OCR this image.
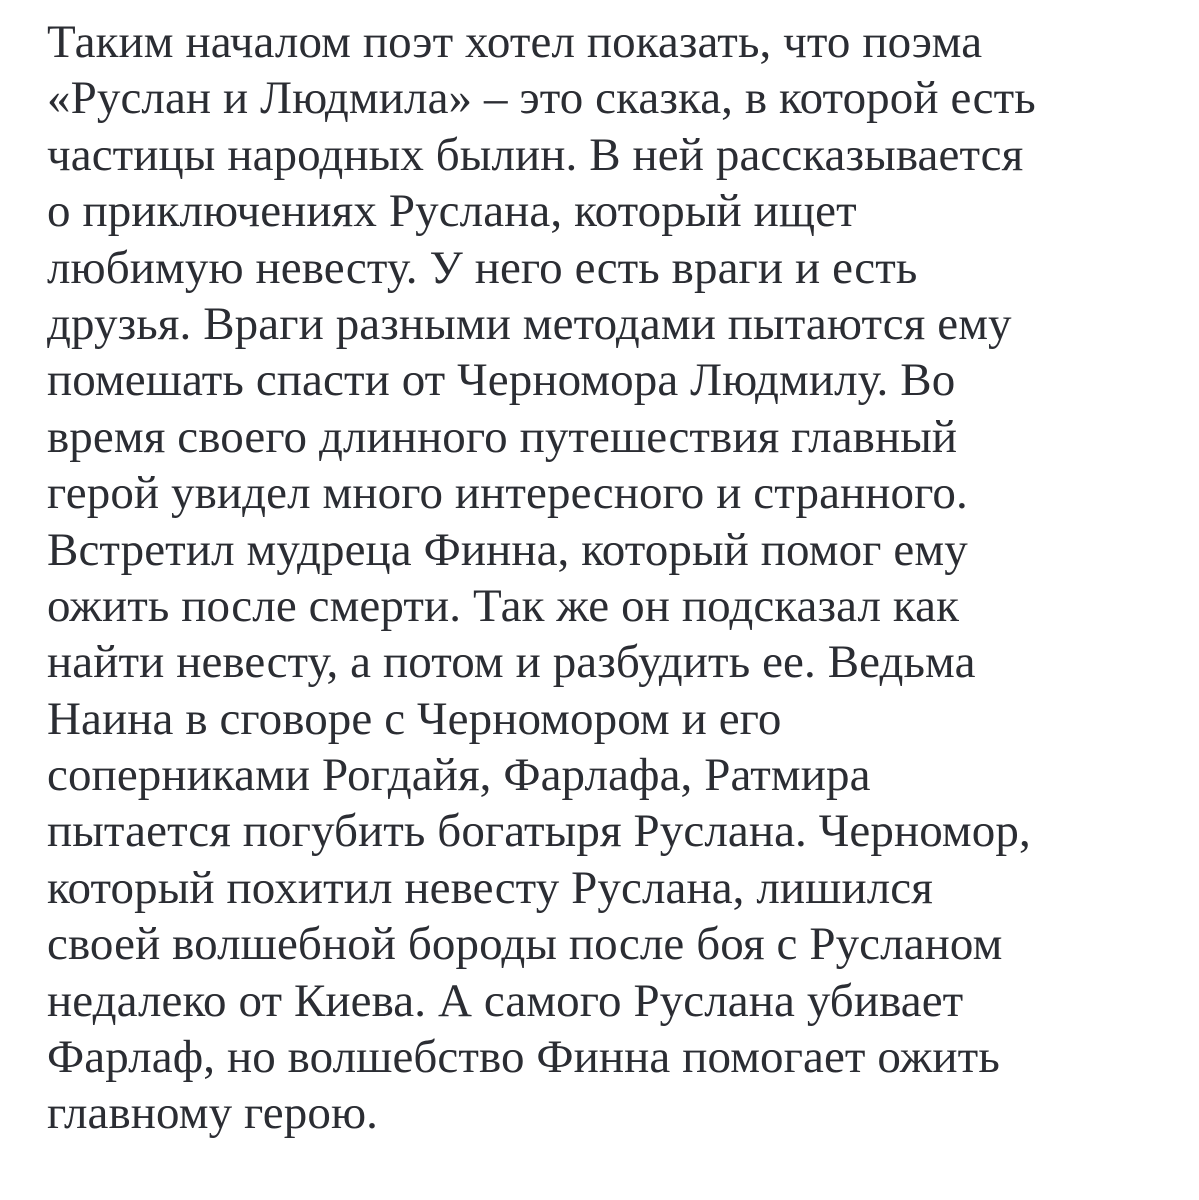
Таким началом поэт хотел показать, что поэма
«Руслан и Людмила» – это сказка, в которой есть
частицы народных былин. В ней рассказывается
о приключениях Руслана, который ищет
любимую невесту. У него есть враги и есть
друзья. Враги разными методами пытаются ему
помешать спасти от Черномора Людмилу. Во
время своего длинного путешествия главный
герой увидел много интересного и странного.
Встретил мудреца Финна, который помог ему
ожить после смерти. Так же он подсказал как
найти невесту, а потом и разбудить ее. Ведьма
Наина в сговоре с Черномором и его
соперниками Рогдайя, Фарлафа, Ратмира
пытается погубить богатыря Руслана. Черномор,
который похитил невесту Руслана, лишился
своей волшебной бороды после боя с Русланом
недалеко от Киева. А самого Руслана убивает
Фарлаф, но волшебство Финна помогает ожить
главному герою.
